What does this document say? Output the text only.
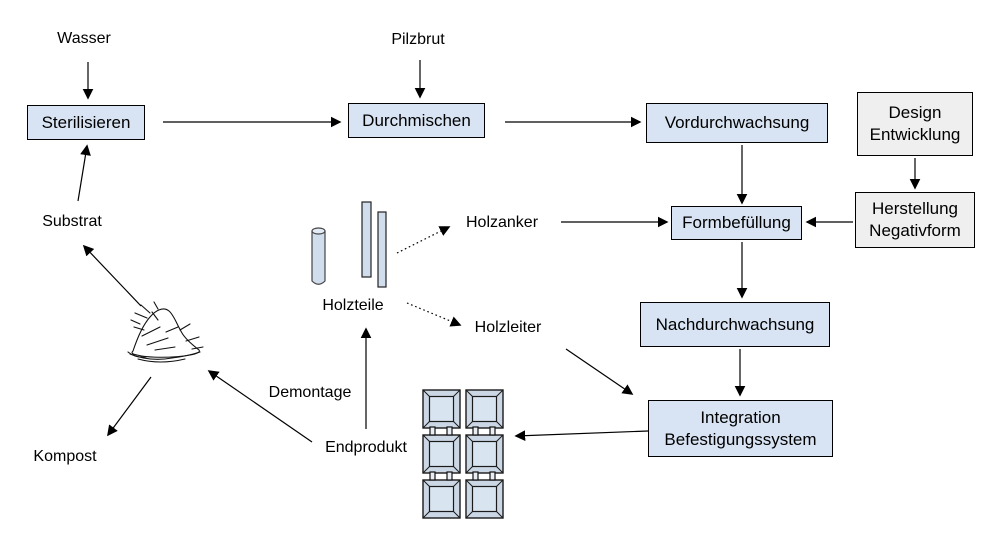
Sterilisieren	Durchmischen	Vordurchwachsung
Formbefüllung
Nachdurchwachsung
Integration
Befestigungssystem
Design
Entwicklung
Herstellung
Negativform
Wasser	Pilzbrut
Substrat
Holzteile
Holzanker
Holzleiter
Demontage
Endprodukt
Kompost
